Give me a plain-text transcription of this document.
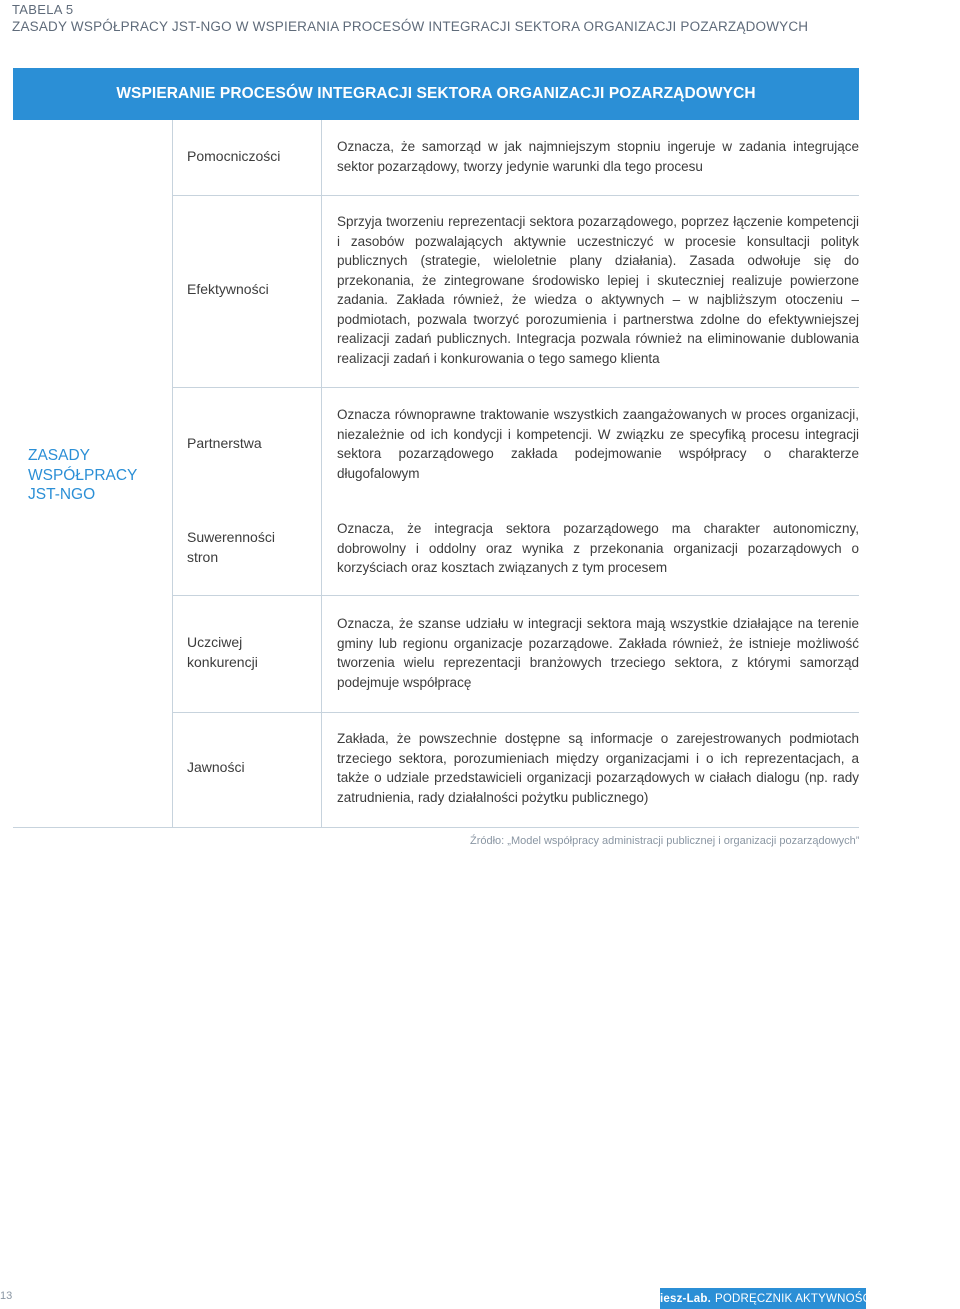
TABELA 5
ZASADY WSPÓŁPRACY JST-NGO W WSPIERANIA PROCESÓW INTEGRACJI SEKTORA ORGANIZACJI POZARZĄDOWYCH
WSPIERANIE PROCESÓW INTEGRACJI SEKTORA ORGANIZACJI POZARZĄDOWYCH
ZASADY
WSPÓŁPRACY
JST-NGO
Pomocniczości
Oznacza, że samorząd w jak najmniejszym stopniu ingeruje w zadania integrujące sektor pozarządowy, tworzy jedynie warunki dla tego procesu
Efektywności
Sprzyja tworzeniu reprezentacji sektora pozarządowego, poprzez łączenie kompetencji i zasobów pozwalających aktywnie uczestniczyć w procesie konsultacji polityk publicznych (strategie, wieloletnie plany działania). Zasada odwołuje się do przekonania, że zintegrowane środowisko lepiej i skuteczniej realizuje powierzone zadania. Zakłada również, że wiedza o aktywnych – w najbliższym otoczeniu – podmiotach, pozwala tworzyć porozumienia i partnerstwa zdolne do efektywniejszej realizacji zadań publicznych. Integracja pozwala również na eliminowanie dublowania realizacji zadań i konkurowania o tego samego klienta
Partnerstwa
Oznacza równoprawne traktowanie wszystkich zaangażowanych w proces organizacji, niezależnie od ich kondycji i kompetencji. W związku ze specyfiką procesu integracji sektora pozarządowego zakłada podejmowanie współpracy o charakterze długofalowym
Suwerenności stron
Oznacza, że integracja sektora pozarządowego ma charakter autonomiczny, dobrowolny i oddolny oraz wynika z przekonania organizacji pozarządowych o korzyściach oraz kosztach związanych z tym procesem
Uczciwej konkurencji
Oznacza, że szanse udziału w integracji sektora mają wszystkie działające na terenie gminy lub regionu organizacje pozarządowe. Zakłada również, że istnieje możliwość tworzenia wielu reprezentacji branżowych trzeciego sektora, z którymi samorząd podejmuje współpracę
Jawności
Zakłada, że powszechnie dostępne są informacje o zarejestrowanych podmiotach trzeciego sektora, porozumieniach między organizacjami i o ich reprezentacjach, a także o udziale przedstawicieli organizacji pozarządowych w ciałach dialogu (np. rady zatrudnienia, rady działalności pożytku publicznego)
Źródło: „Model współpracy administracji publicznej i organizacji pozarządowych”
13	Ciesz-Lab. PODRĘCZNIK AKTYWNOŚCI
